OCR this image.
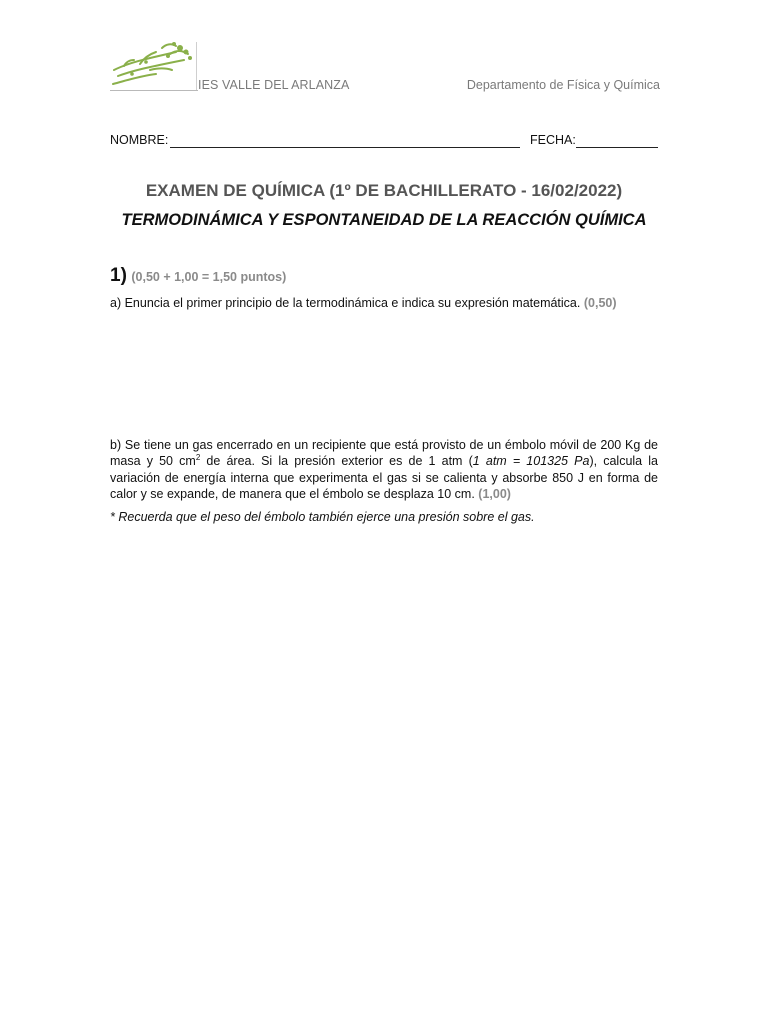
IES VALLE DEL ARLANZA	Departamento de Física y Química
NOMBRE:	FECHA:
EXAMEN DE QUÍMICA (1º DE BACHILLERATO - 16/02/2022)
TERMODINÁMICA Y ESPONTANEIDAD DE LA REACCIÓN QUÍMICA
1) (0,50 + 1,00 = 1,50 puntos)
a) Enuncia el primer principio de la termodinámica e indica su expresión matemática. (0,50)
b) Se tiene un gas encerrado en un recipiente que está provisto de un émbolo móvil de 200 Kg de masa y 50 $cm^2$ de área. Si la presión exterior es de 1 atm (1 atm = 101325 Pa), calcula la variación de energía interna que experimenta el gas si se calienta y absorbe 850 J en forma de calor y se expande, de manera que el émbolo se desplaza 10 cm. (1,00)
* Recuerda que el peso del émbolo también ejerce una presión sobre el gas.
